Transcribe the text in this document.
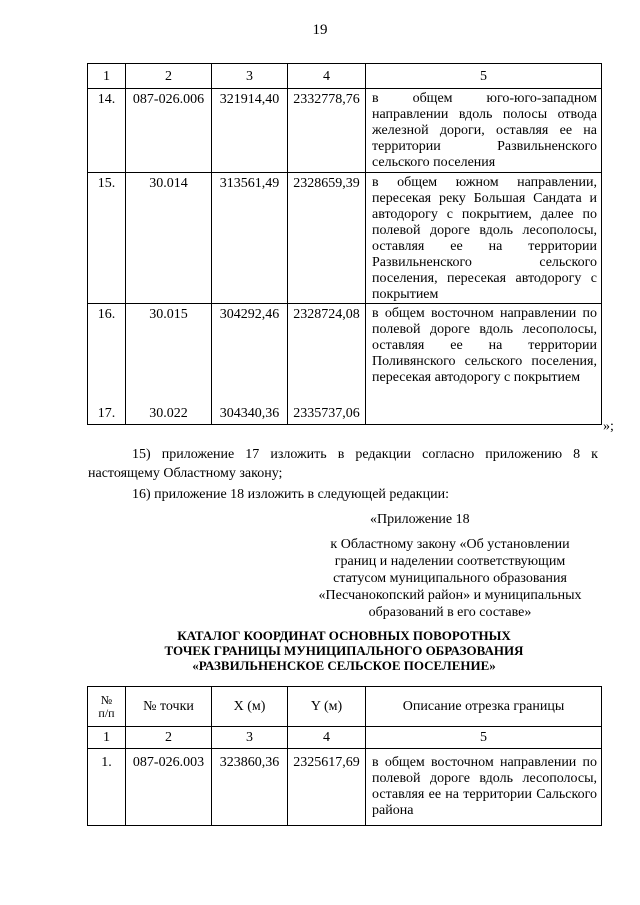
19
1	2	3	4	5
14.	087-026.006	321914,40	2332778,76	в общем юго-юго-западном направлении вдоль полосы отвода железной дороги, оставляя ее на территории Развильненского сельского поселения
15.	30.014	313561,49	2328659,39	в общем южном направлении, пересекая реку Большая Сандата и автодорогу с покрытием, далее по полевой дороге вдоль лесополосы, оставляя ее на территории Развильненского сельского поселения, пересекая автодорогу с покрытием
16.	30.015	304292,46	2328724,08	в общем восточном направлении по полевой дороге вдоль лесополосы, оставляя ее на территории Поливянского сельского поселения, пересекая автодорогу с покрытием
17.	30.022	304340,36	2335737,06	
»;
15) приложение 17 изложить в редакции согласно приложению 8 к настоящему Областному закону;
16) приложение 18 изложить в следующей редакции:
«Приложение 18
к Областному закону «Об установлении
границ и наделении соответствующим
статусом муниципального образования
«Песчанокопский район» и муниципальных
образований в его составе»
КАТАЛОГ КООРДИНАТ ОСНОВНЫХ ПОВОРОТНЫХ
ТОЧЕК ГРАНИЦЫ МУНИЦИПАЛЬНОГО ОБРАЗОВАНИЯ
«РАЗВИЛЬНЕНСКОЕ СЕЛЬСКОЕ ПОСЕЛЕНИЕ»
№
п/п	№ точки	X (м)	Y (м)	Описание отрезка границы
1	2	3	4	5
1.	087-026.003	323860,36	2325617,69	в общем восточном направлении по полевой дороге вдоль лесополосы, оставляя ее на территории Сальского района
